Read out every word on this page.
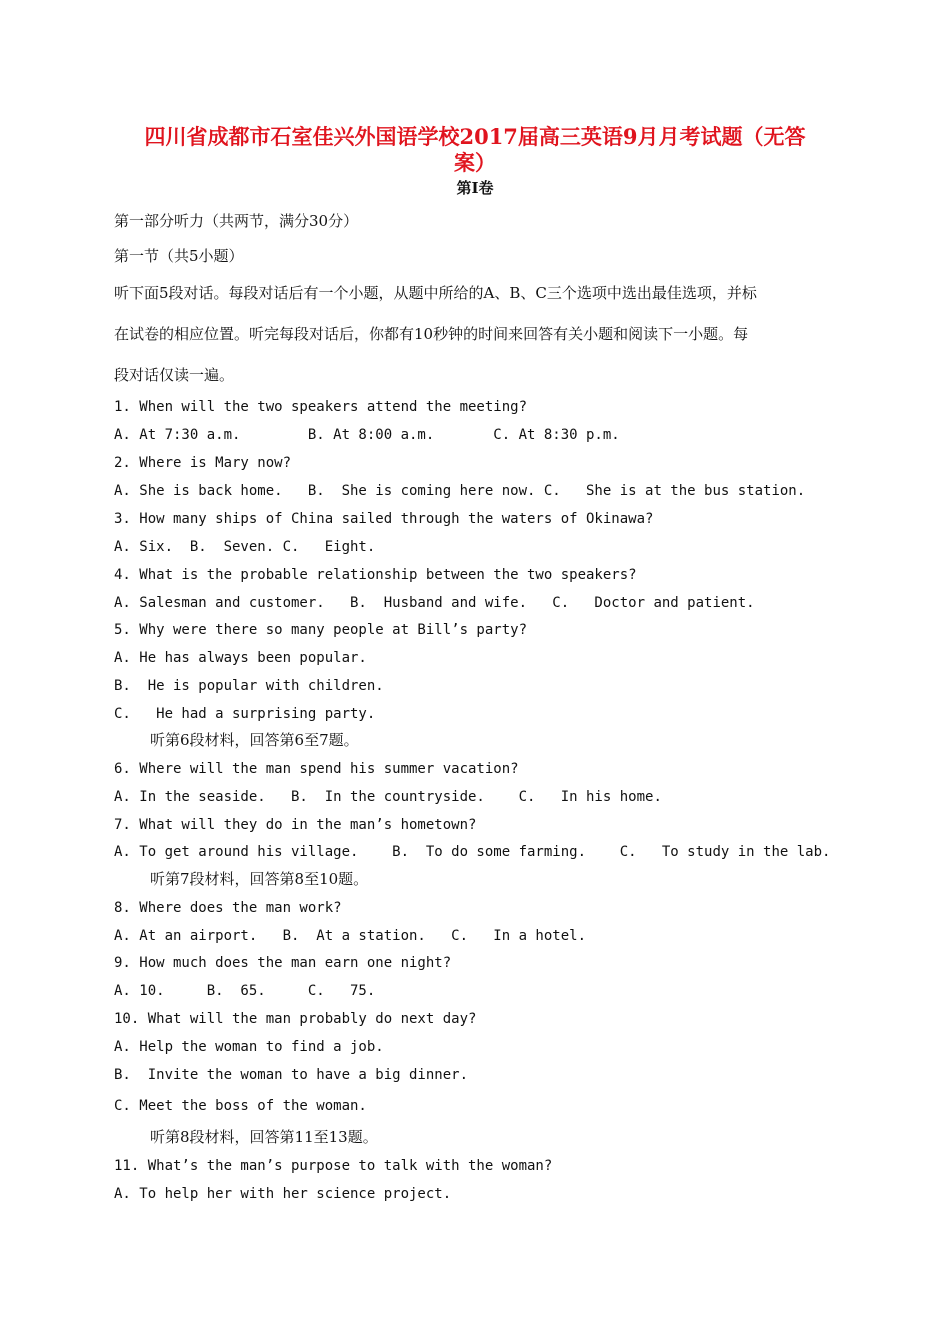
四川省成都市石室佳兴外国语学校2017届高三英语9月月考试题（无答
案）
第Ⅰ卷
第一部分听力（共两节，满分30分）
第一节（共5小题）
听下面5段对话。每段对话后有一个小题，从题中所给的A、B、C三个选项中选出最佳选项，并标
在试卷的相应位置。听完每段对话后，你都有10秒钟的时间来回答有关小题和阅读下一小题。每
段对话仅读一遍。
1. When will the two speakers attend the meeting?
A. At 7:30 a.m.        B. At 8:00 a.m.       C. At 8:30 p.m.
2. Where is Mary now?
A. She is back home.   B.  She is coming here now. C.   She is at the bus station.
3. How many ships of China sailed through the waters of Okinawa?
A. Six.  B.  Seven. C.   Eight.
4. What is the probable relationship between the two speakers?
A. Salesman and customer.   B.  Husband and wife.   C.   Doctor and patient.
5. Why were there so many people at Bill’s party?
A. He has always been popular.
B.  He is popular with children.
C.   He had a surprising party.
听第6段材料，回答第6至7题。
6. Where will the man spend his summer vacation?
A. In the seaside.   B.  In the countryside.    C.   In his home.
7. What will they do in the man’s hometown?
A. To get around his village.    B.  To do some farming.    C.   To study in the lab.
听第7段材料，回答第8至10题。
8. Where does the man work?
A. At an airport.   B.  At a station.   C.   In a hotel.
9. How much does the man earn one night?
A. 10.     B.  65.     C.   75.
10. What will the man probably do next day?
A. Help the woman to find a job.
B.  Invite the woman to have a big dinner.
C. Meet the boss of the woman.
听第8段材料，回答第11至13题。
11. What’s the man’s purpose to talk with the woman?
A. To help her with her science project.
